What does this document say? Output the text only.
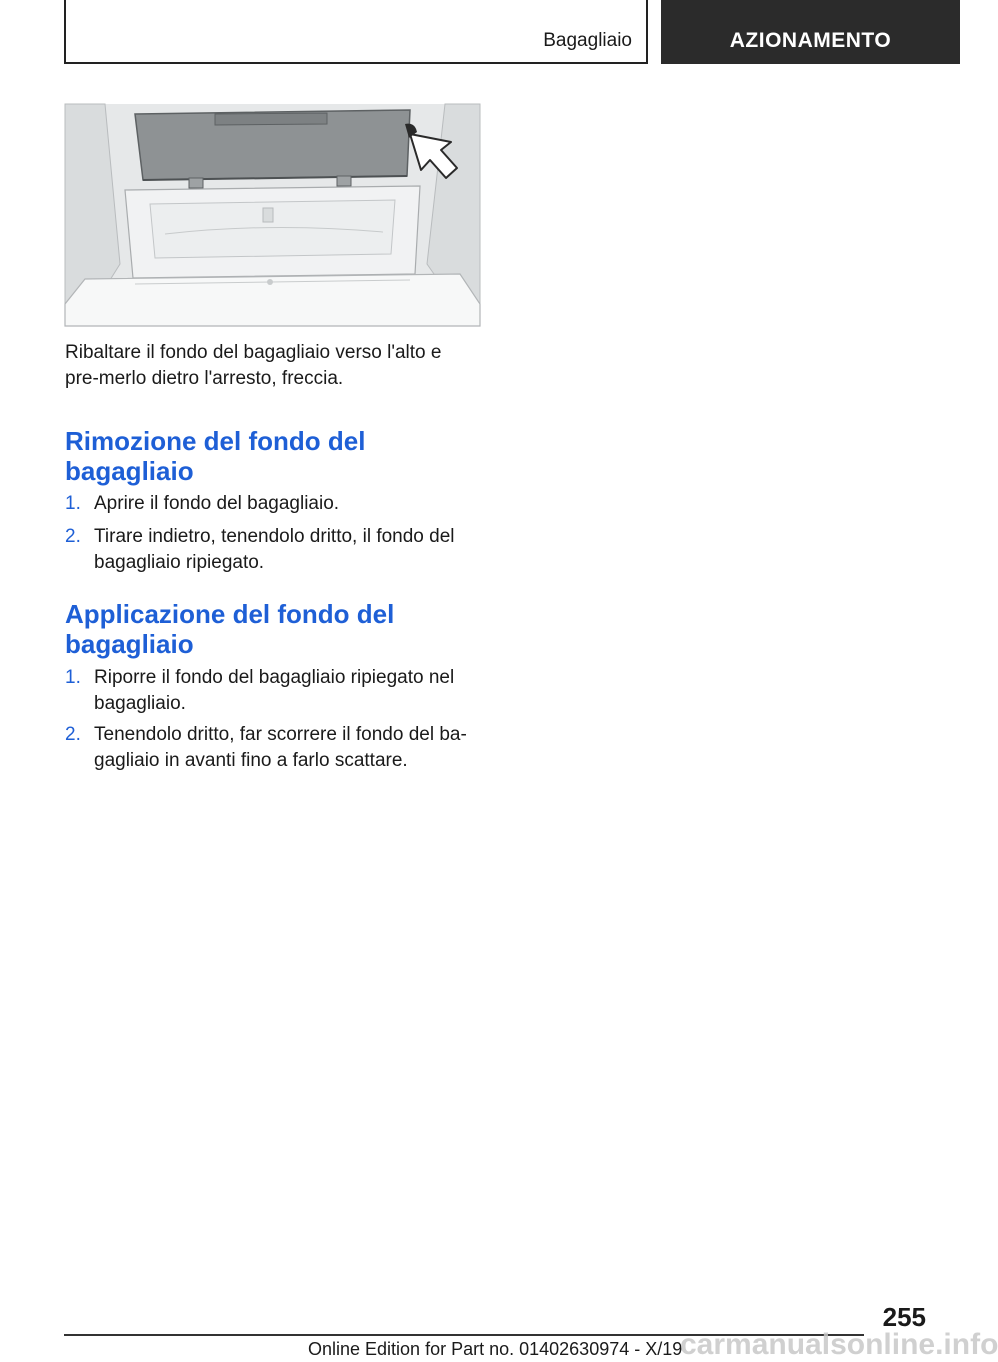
Bagagliaio	AZIONAMENTO
Ribaltare il fondo del bagagliaio verso l'alto e pre-merlo dietro l'arresto, freccia.
Rimozione del fondo del bagagliaio
1. Aprire il fondo del bagagliaio.
2. Tirare indietro, tenendolo dritto, il fondo del bagagliaio ripiegato.
Applicazione del fondo del bagagliaio
1. Riporre il fondo del bagagliaio ripiegato nel bagagliaio.
2. Tenendolo dritto, far scorrere il fondo del ba-gagliaio in avanti fino a farlo scattare.
255
Online Edition for Part no. 01402630974 - X/19
carmanualsonline.info
